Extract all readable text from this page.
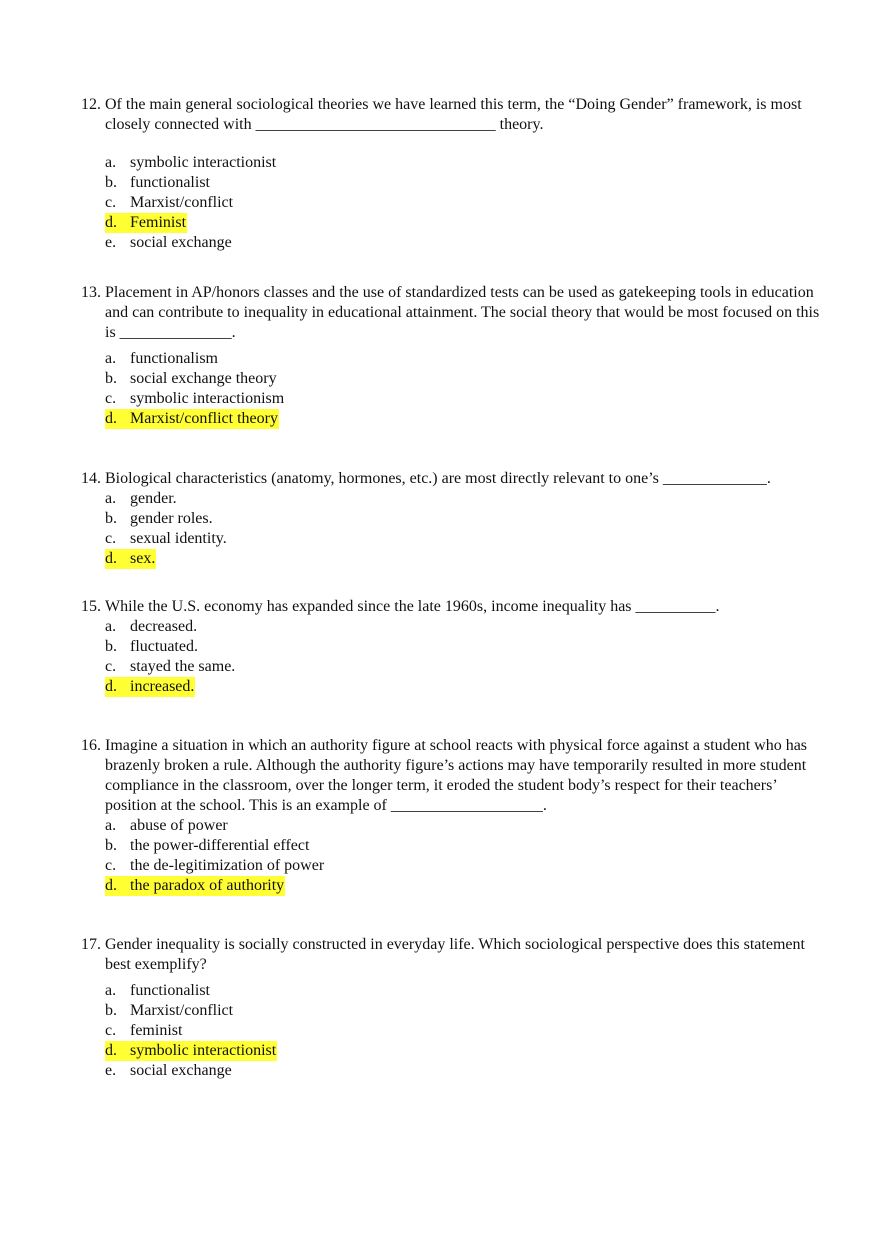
12. Of the main general sociological theories we have learned this term, the “Doing Gender” framework, is most closely connected with ______________________________ theory.
a. symbolic interactionist
b. functionalist
c. Marxist/conflict
d. Feminist
e. social exchange
13. Placement in AP/honors classes and the use of standardized tests can be used as gatekeeping tools in education and can contribute to inequality in educational attainment. The social theory that would be most focused on this is ______________.
a. functionalism
b. social exchange theory
c. symbolic interactionism
d. Marxist/conflict theory
14. Biological characteristics (anatomy, hormones, etc.) are most directly relevant to one’s _____________.
a. gender.
b. gender roles.
c. sexual identity.
d. sex.
15. While the U.S. economy has expanded since the late 1960s, income inequality has __________.
a. decreased.
b. fluctuated.
c. stayed the same.
d. increased.
16. Imagine a situation in which an authority figure at school reacts with physical force against a student who has brazenly broken a rule. Although the authority figure’s actions may have temporarily resulted in more student compliance in the classroom, over the longer term, it eroded the student body’s respect for their teachers’ position at the school. This is an example of ___________________.
a. abuse of power
b. the power-differential effect
c. the de-legitimization of power
d. the paradox of authority
17. Gender inequality is socially constructed in everyday life. Which sociological perspective does this statement best exemplify?
a. functionalist
b. Marxist/conflict
c. feminist
d. symbolic interactionist
e. social exchange
